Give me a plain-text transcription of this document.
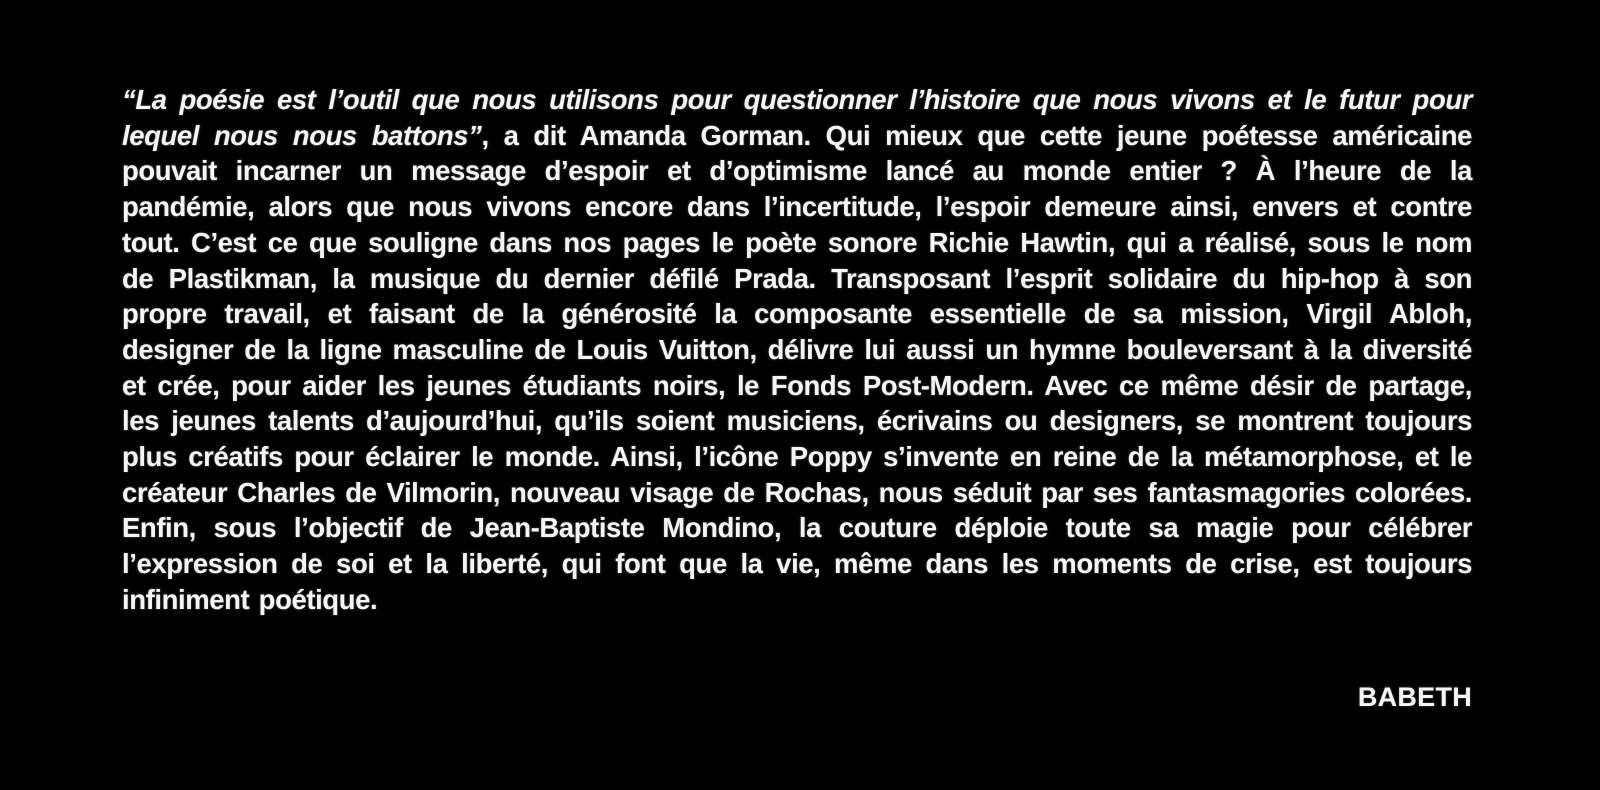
“La poésie est l’outil que nous utilisons pour questionner l’histoire que nous vivons et le futur pour lequel nous nous battons”, a dit Amanda Gorman. Qui mieux que cette jeune poétesse américaine pouvait incarner un message d’espoir et d’optimisme lancé au monde entier ? À l’heure de la pandémie, alors que nous vivons encore dans l’incertitude, l’espoir demeure ainsi, envers et contre tout. C’est ce que souligne dans nos pages le poète sonore Richie Hawtin, qui a réalisé, sous le nom de Plastikman, la musique du dernier défilé Prada. Transposant l’esprit solidaire du hip-hop à son propre travail, et faisant de la générosité la composante essentielle de sa mission, Virgil Abloh, designer de la ligne masculine de Louis Vuitton, délivre lui aussi un hymne bouleversant à la diversité et crée, pour aider les jeunes étudiants noirs, le Fonds Post-Modern. Avec ce même désir de partage, les jeunes talents d’aujourd’hui, qu’ils soient musiciens, écrivains ou designers, se montrent toujours plus créatifs pour éclairer le monde. Ainsi, l’icône Poppy s’invente en reine de la métamorphose, et le créateur Charles de Vilmorin, nouveau visage de Rochas, nous séduit par ses fantasmagories colorées. Enfin, sous l’objectif de Jean-Baptiste Mondino, la couture déploie toute sa magie pour célébrer l’expression de soi et la liberté, qui font que la vie, même dans les moments de crise, est toujours infiniment poétique.

BABETH
